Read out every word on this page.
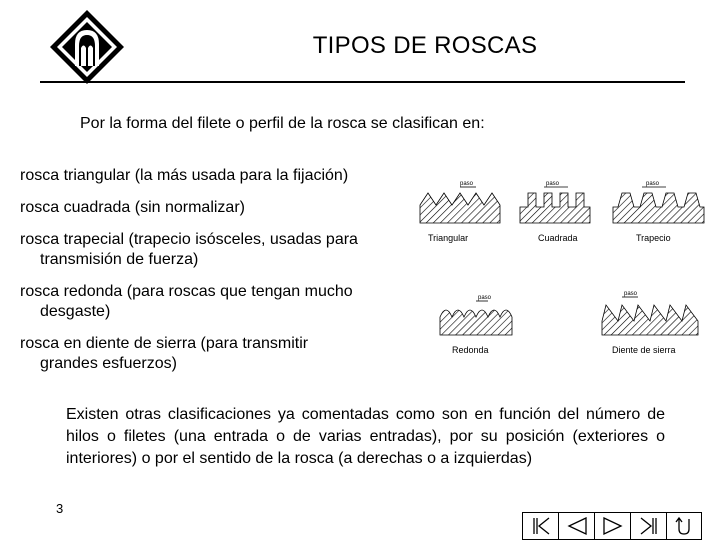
TIPOS DE ROSCAS
Por la forma del filete o perfil de la rosca se clasifican en:
rosca triangular (la más usada para la fijación)
rosca cuadrada (sin normalizar)
rosca trapecial (trapecio isósceles, usadas para
transmisión de fuerza)
rosca redonda (para roscas que tengan mucho
desgaste)
rosca en diente de sierra (para transmitir
grandes esfuerzos)
paso
Triangular
paso
Cuadrada
paso
Trapecio
paso
Redonda
paso
Diente de sierra
Existen otras clasificaciones ya comentadas como son en función del número de hilos o filetes (una entrada o de varias entradas), por su posición (exteriores o interiores) o por el sentido de la rosca (a derechas o a izquierdas)
3
